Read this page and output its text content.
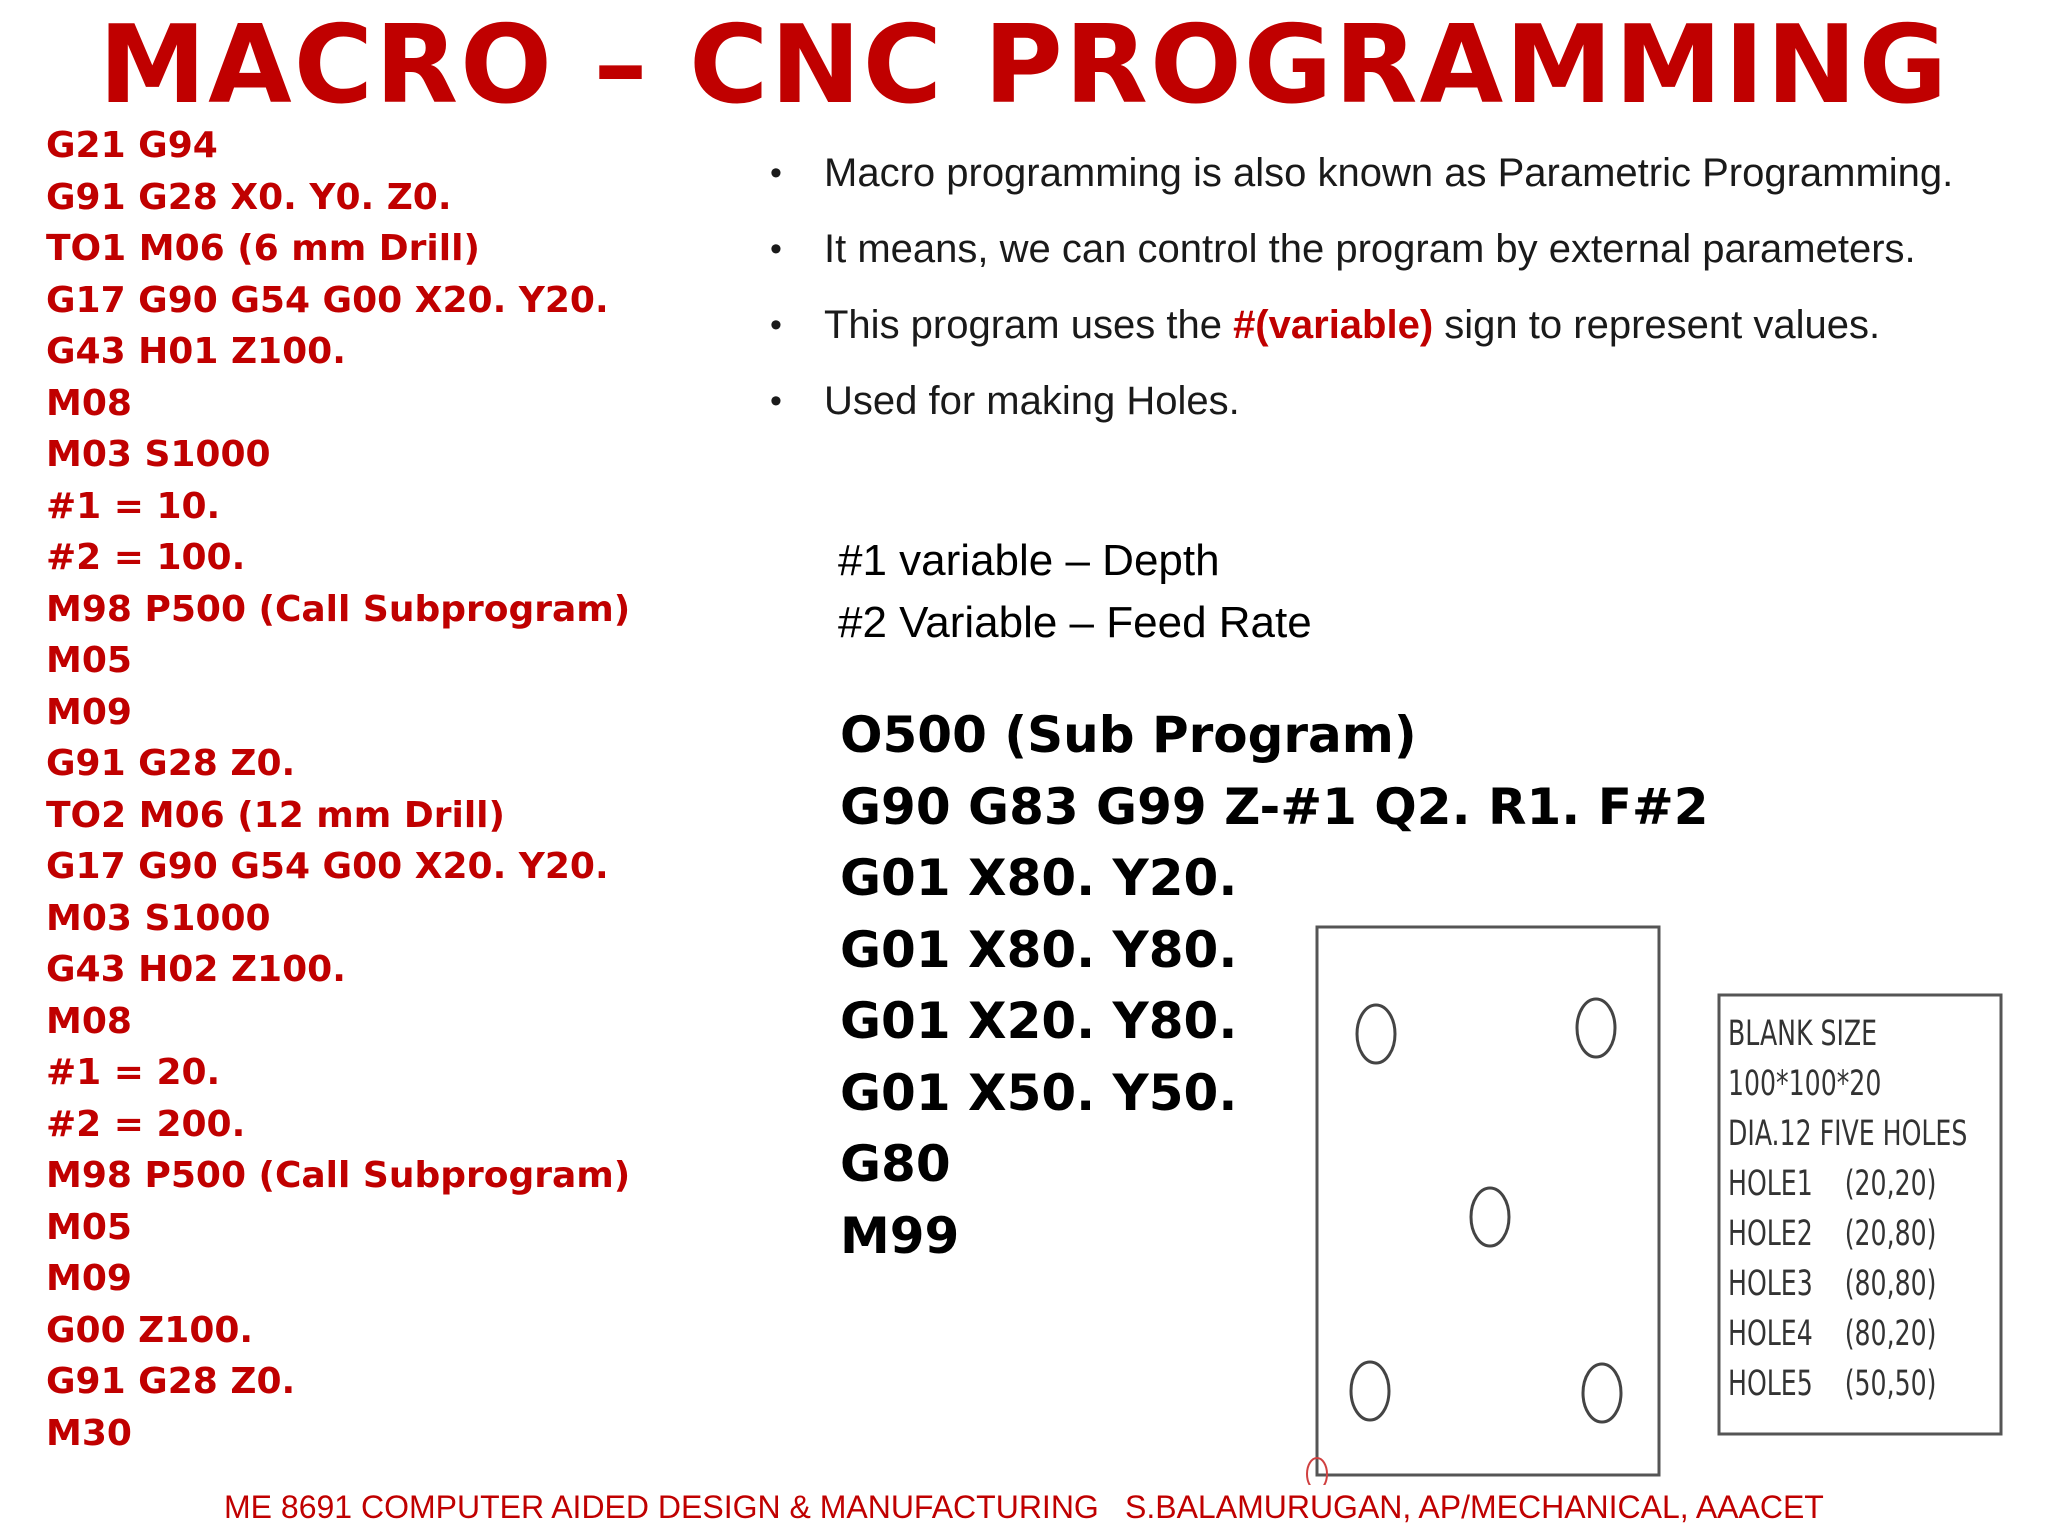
MACRO – CNC PROGRAMMING
G21 G94
G91 G28 X0. Y0. Z0.
TO1 M06 (6 mm Drill)
G17 G90 G54 G00 X20. Y20.
G43 H01 Z100.
M08
M03 S1000
#1 = 10.
#2 = 100.
M98 P500 (Call Subprogram)
M05
M09
G91 G28 Z0.
TO2 M06 (12 mm Drill)
G17 G90 G54 G00 X20. Y20.
M03 S1000
G43 H02 Z100.
M08
#1 = 20.
#2 = 200.
M98 P500 (Call Subprogram)
M05
M09
G00 Z100.
G91 G28 Z0.
M30
• Macro programming is also known as Parametric Programming.
• It means, we can control the program by external parameters.
• This program uses the #(variable) sign to represent values.
• Used for making Holes.
#1 variable – Depth
#2 Variable – Feed Rate
O500 (Sub Program)
G90 G83 G99 Z-#1 Q2. R1. F#2
G01 X80. Y20.
G01 X80. Y80.
G01 X20. Y80.
G01 X50. Y50.
G80
M99
BLANK SIZE
100*100*20
DIA.12 FIVE HOLES
HOLE1    (20,20)
HOLE2    (20,80)
HOLE3    (80,80)
HOLE4    (80,20)
HOLE5    (50,50)
ME 8691 COMPUTER AIDED DESIGN & MANUFACTURING S.BALAMURUGAN, AP/MECHANICAL, AAACET
